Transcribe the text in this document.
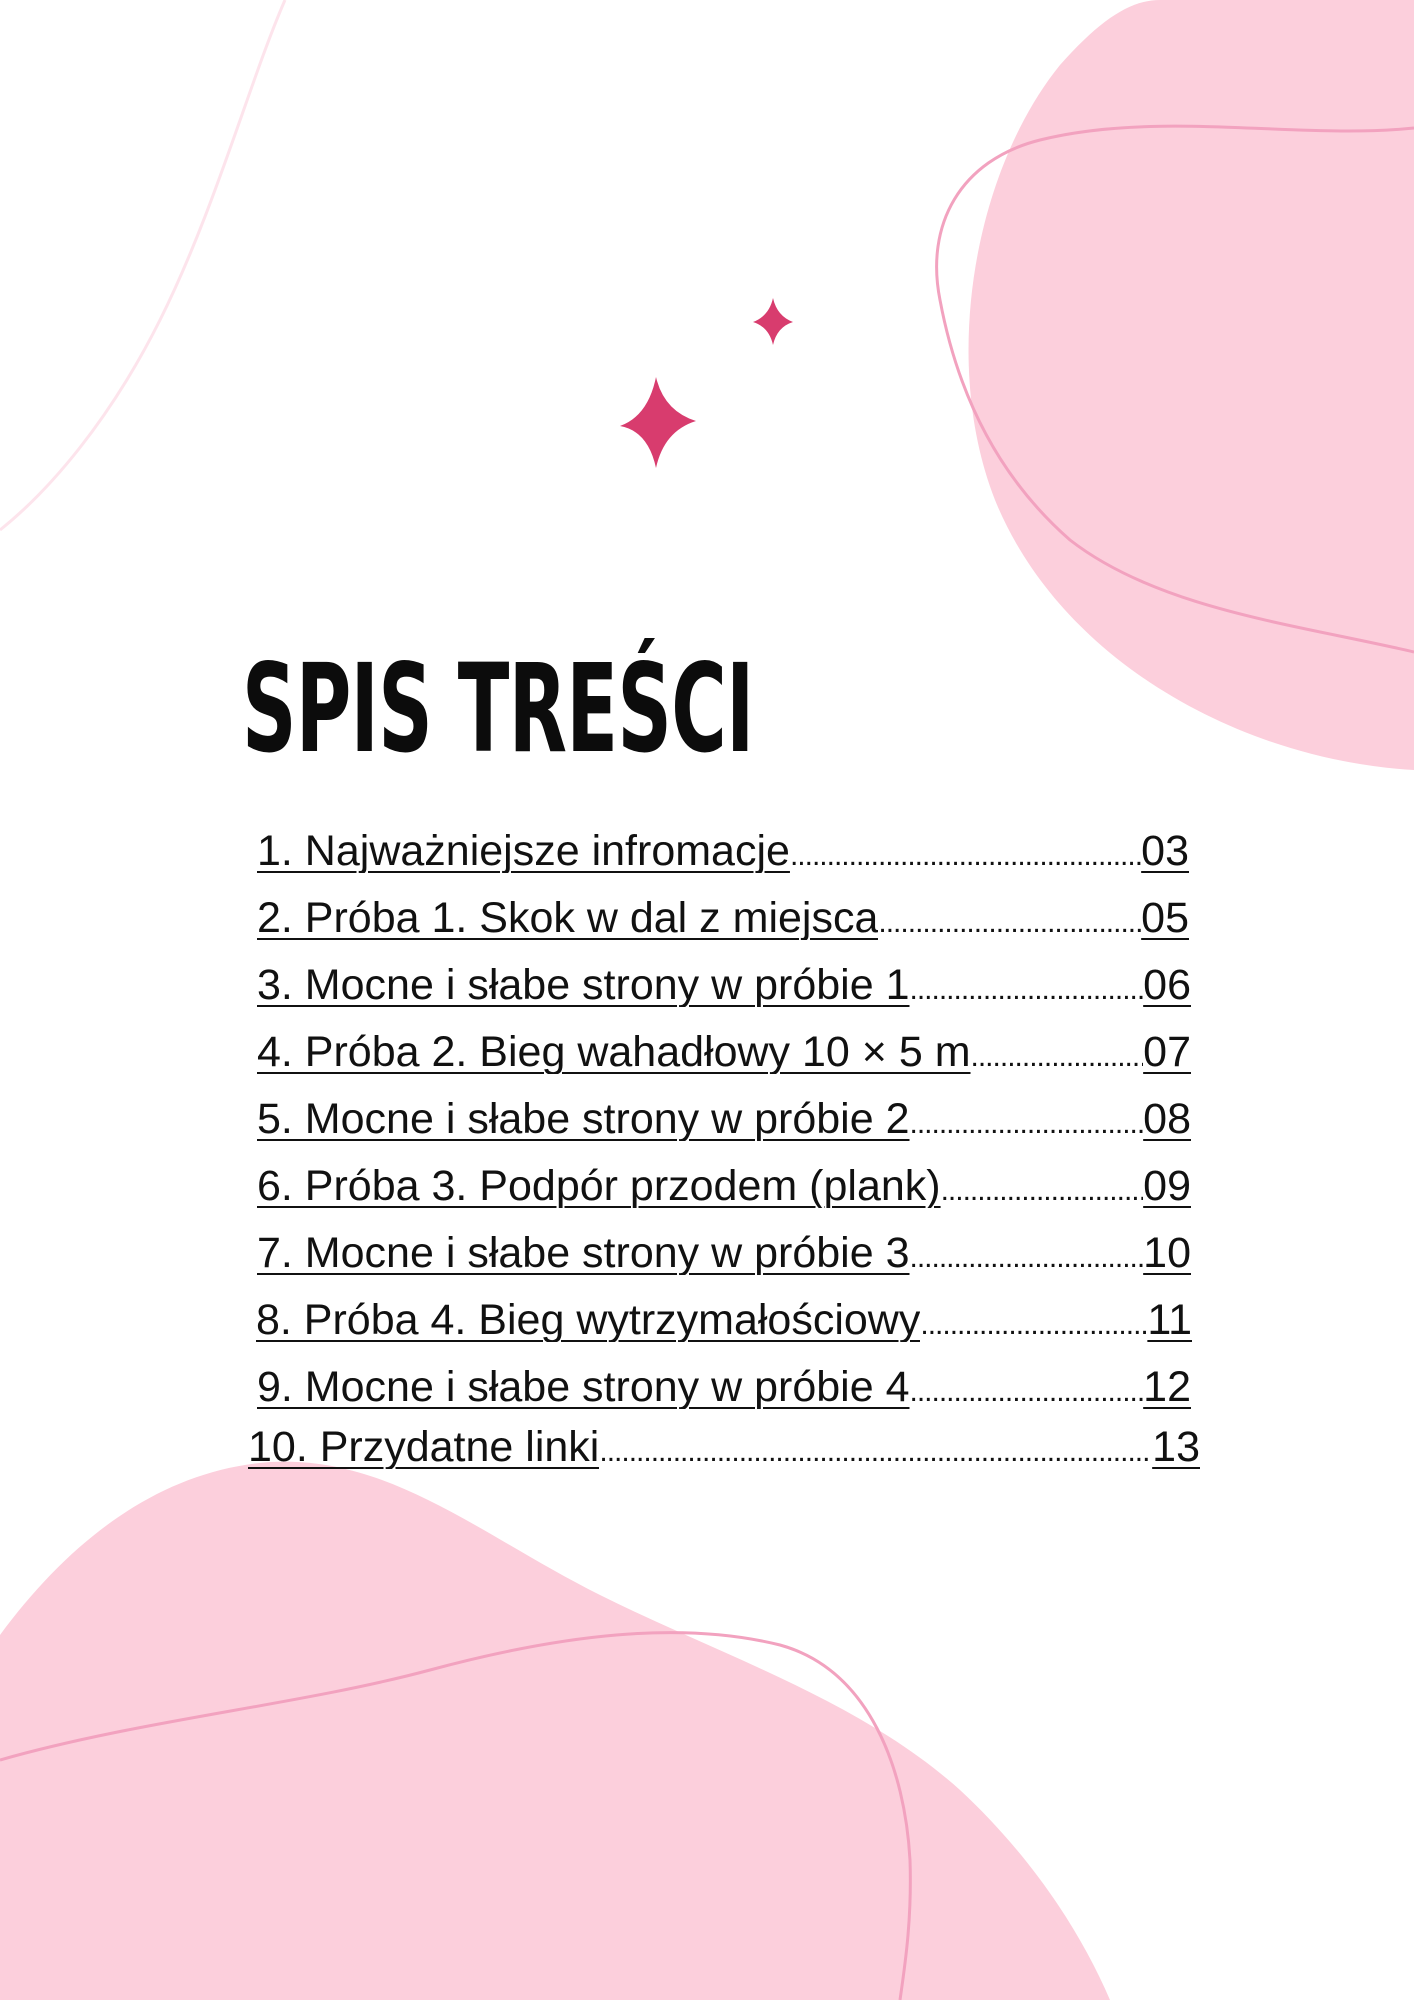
SPIS TREŚCI
1. Najważniejsze infromacje .....	03
2. Próba 1. Skok w dal z miejsca .....	05
3. Mocne i słabe strony w próbie 1 .....	06
4. Próba 2. Bieg wahadłowy 10 × 5 m .....	07
5. Mocne i słabe strony w próbie 2 .....	08
6. Próba 3. Podpór przodem (plank) .....	09
7. Mocne i słabe strony w próbie 3 .....	10
8. Próba 4. Bieg wytrzymałościowy .....	11
9. Mocne i słabe strony w próbie 4 .....	12
10. Przydatne linki .....	13
